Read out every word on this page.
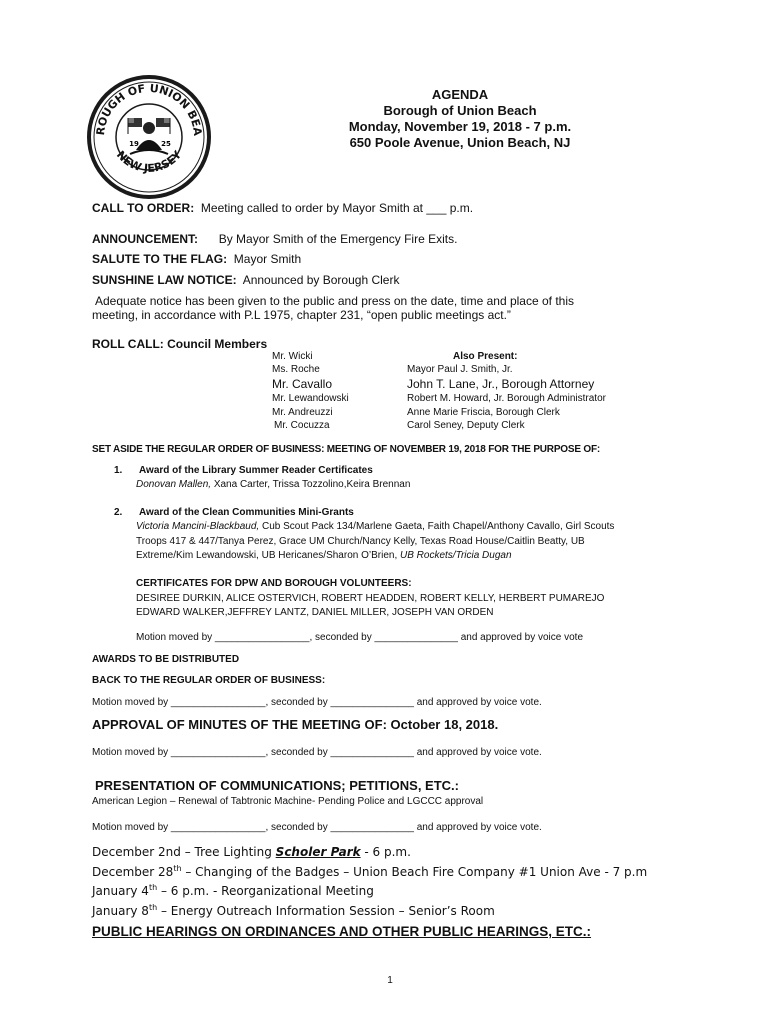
ROUGH OF UNION BEA
NEW JERSEY
19	25
AGENDA
Borough of Union Beach
Monday, November 19, 2018 - 7 p.m.
650 Poole Avenue, Union Beach, NJ
CALL TO ORDER: Meeting called to order by Mayor Smith at ___ p.m.
ANNOUNCEMENT: By Mayor Smith of the Emergency Fire Exits.
SALUTE TO THE FLAG: Mayor Smith
SUNSHINE LAW NOTICE: Announced by Borough Clerk
Adequate notice has been given to the public and press on the date, time and place of this
meeting, in accordance with P.L 1975, chapter 231, “open public meetings act.”
ROLL CALL: Council Members
Mr. Wicki
Ms. Roche
Mr. Cavallo
Mr. Lewandowski
Mr. Andreuzzi
Mr. Cocuzza
Also Present:
Mayor Paul J. Smith, Jr.
John T. Lane, Jr., Borough Attorney
Robert M. Howard, Jr. Borough Administrator
Anne Marie Friscia, Borough Clerk
Carol Seney, Deputy Clerk
SET ASIDE THE REGULAR ORDER OF BUSINESS: MEETING OF NOVEMBER 19, 2018 FOR THE PURPOSE OF:
1. Award of the Library Summer Reader Certificates
Donovan Mallen, Xana Carter, Trissa Tozzolino,Keira Brennan
2. Award of the Clean Communities Mini-Grants
Victoria Mancini-Blackbaud, Cub Scout Pack 134/Marlene Gaeta, Faith Chapel/Anthony Cavallo, Girl Scouts
Troops 417 & 447/Tanya Perez, Grace UM Church/Nancy Kelly, Texas Road House/Caitlin Beatty, UB
Extreme/Kim Lewandowski, UB Hericanes/Sharon O’Brien, UB Rockets/Tricia Dugan
CERTIFICATES FOR DPW AND BOROUGH VOLUNTEERS:
DESIREE DURKIN, ALICE OSTERVICH, ROBERT HEADDEN, ROBERT KELLY, HERBERT PUMAREJO
EDWARD WALKER,JEFFREY LANTZ, DANIEL MILLER, JOSEPH VAN ORDEN
Motion moved by _________________, seconded by _______________ and approved by voice vote
AWARDS TO BE DISTRIBUTED
BACK TO THE REGULAR ORDER OF BUSINESS:
Motion moved by _________________, seconded by _______________ and approved by voice vote.
APPROVAL OF MINUTES OF THE MEETING OF: October 18, 2018.
Motion moved by _________________, seconded by _______________ and approved by voice vote.
PRESENTATION OF COMMUNICATIONS; PETITIONS, ETC.:
American Legion – Renewal of Tabtronic Machine- Pending Police and LGCCC approval
Motion moved by _________________, seconded by _______________ and approved by voice vote.
December 2nd – Tree Lighting Scholer Park - 6 p.m.
December 28th – Changing of the Badges – Union Beach Fire Company #1 Union Ave - 7 p.m
January 4th – 6 p.m. - Reorganizational Meeting
January 8th – Energy Outreach Information Session – Senior’s Room
PUBLIC HEARINGS ON ORDINANCES AND OTHER PUBLIC HEARINGS, ETC.:
1
